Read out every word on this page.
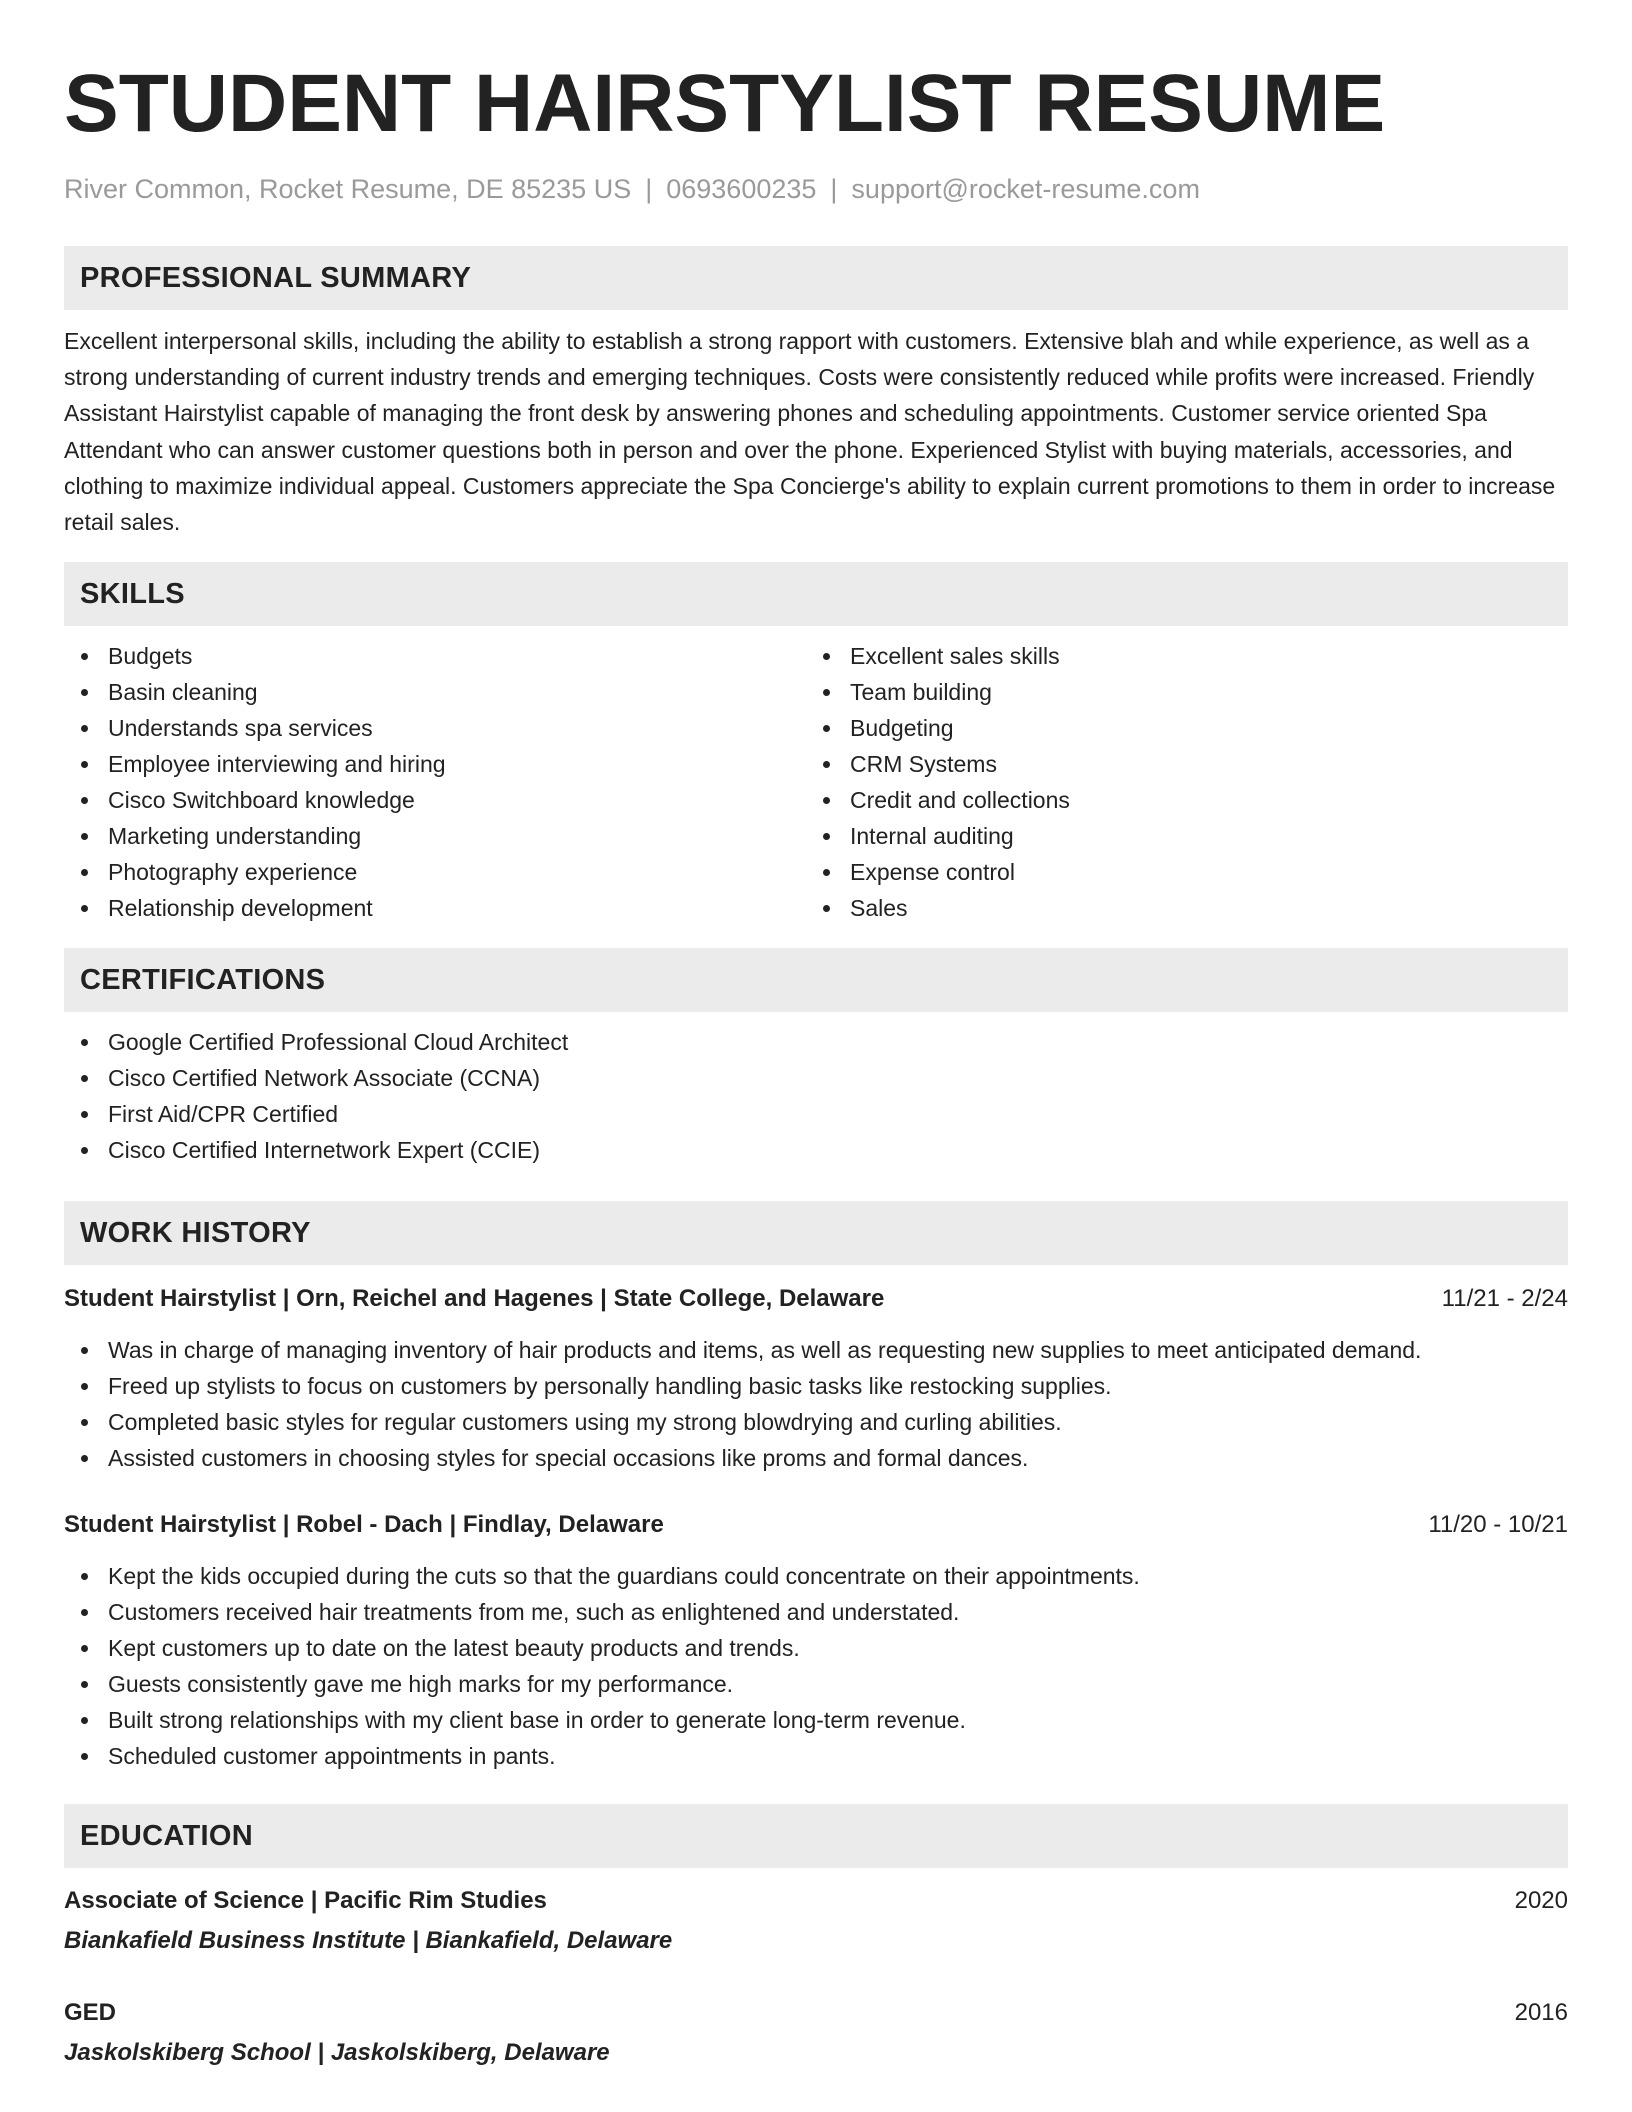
STUDENT HAIRSTYLIST RESUME
River Common, Rocket Resume, DE 85235 US | 0693600235 | support@rocket-resume.com
PROFESSIONAL SUMMARY

Excellent interpersonal skills, including the ability to establish a strong rapport with customers. Extensive blah and while experience, as well as a strong understanding of current industry trends and emerging techniques. Costs were consistently reduced while profits were increased. Friendly Assistant Hairstylist capable of managing the front desk by answering phones and scheduling appointments. Customer service oriented Spa Attendant who can answer customer questions both in person and over the phone. Experienced Stylist with buying materials, accessories, and clothing to maximize individual appeal. Customers appreciate the Spa Concierge's ability to explain current promotions to them in order to increase retail sales.

SKILLS
Budgets
Basin cleaning
Understands spa services
Employee interviewing and hiring
Cisco Switchboard knowledge
Marketing understanding
Photography experience
Relationship development
Excellent sales skills
Team building
Budgeting
CRM Systems
Credit and collections
Internal auditing
Expense control
Sales
CERTIFICATIONS
Google Certified Professional Cloud Architect
Cisco Certified Network Associate (CCNA)
First Aid/CPR Certified
Cisco Certified Internetwork Expert (CCIE)
WORK HISTORY
Student Hairstylist | Orn, Reichel and Hagenes | State College, Delaware	11/21 - 2/24
Was in charge of managing inventory of hair products and items, as well as requesting new supplies to meet anticipated demand.
Freed up stylists to focus on customers by personally handling basic tasks like restocking supplies.
Completed basic styles for regular customers using my strong blowdrying and curling abilities.
Assisted customers in choosing styles for special occasions like proms and formal dances.
Student Hairstylist | Robel - Dach | Findlay, Delaware	11/20 - 10/21
Kept the kids occupied during the cuts so that the guardians could concentrate on their appointments.
Customers received hair treatments from me, such as enlightened and understated.
Kept customers up to date on the latest beauty products and trends.
Guests consistently gave me high marks for my performance.
Built strong relationships with my client base in order to generate long-term revenue.
Scheduled customer appointments in pants.
EDUCATION
Associate of Science | Pacific Rim Studies	2020
Biankafield Business Institute | Biankafield, Delaware
GED	2016
Jaskolskiberg School | Jaskolskiberg, Delaware
